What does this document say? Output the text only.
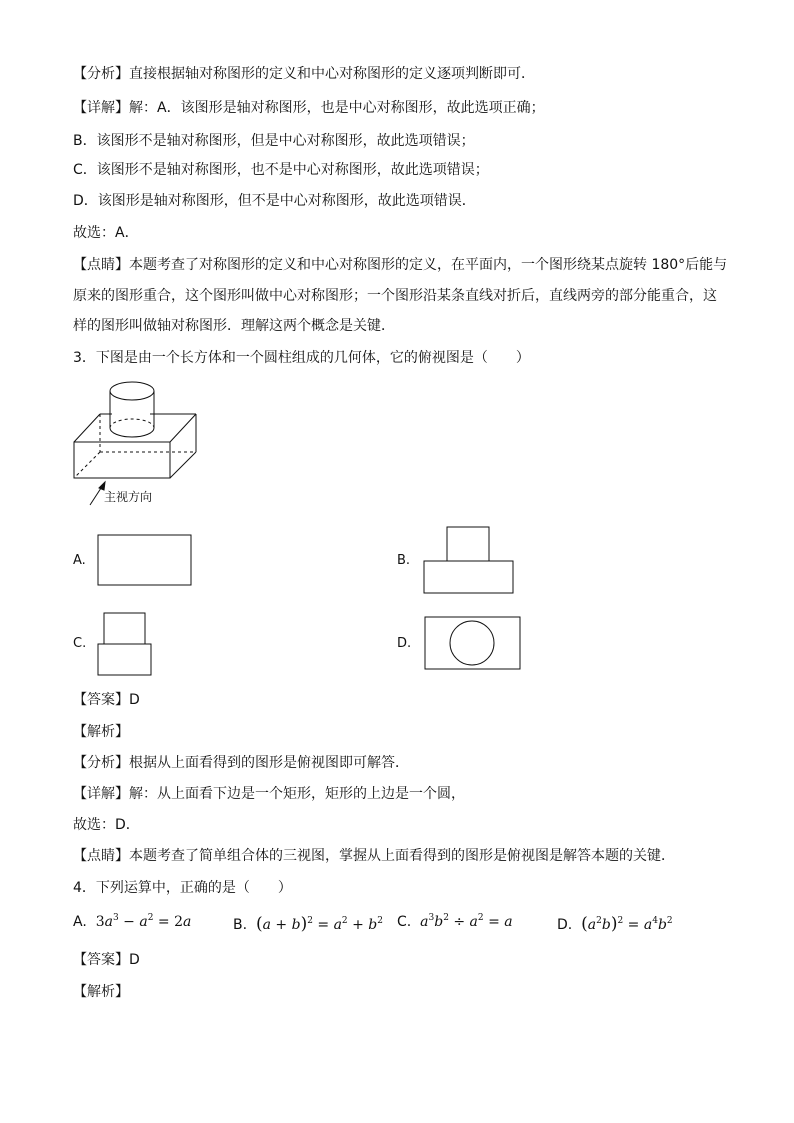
【分析】直接根据轴对称图形的定义和中心对称图形的定义逐项判断即可．
【详解】解：A．该图形是轴对称图形，也是中心对称图形，故此选项正确；
B．该图形不是轴对称图形，但是中心对称图形，故此选项错误；
C．该图形不是轴对称图形，也不是中心对称图形，故此选项错误；
D．该图形是轴对称图形，但不是中心对称图形，故此选项错误．
故选：A．
【点睛】本题考查了对称图形的定义和中心对称图形的定义，在平面内，一个图形绕某点旋转 180°后能与
原来的图形重合，这个图形叫做中心对称图形；一个图形沿某条直线对折后，直线两旁的部分能重合，这
样的图形叫做轴对称图形．理解这两个概念是关键．
3．下图是由一个长方体和一个圆柱组成的几何体，它的俯视图是（　　）
主视方向
A.	B.
C.	D.
【答案】D
【解析】
【分析】根据从上面看得到的图形是俯视图即可解答．
【详解】解：从上面看下边是一个矩形，矩形的上边是一个圆，
故选：D．
【点睛】本题考查了简单组合体的三视图，掌握从上面看得到的图形是俯视图是解答本题的关键．
4．下列运算中，正确的是（　　）
A. $3a^3 - a^2 = 2a$	B. $(a + b)^2 = a^2 + b^2$ C.  $a^3b^2 \div a^2 = a$	D. $(a^2b)^2 = a^4b^2$
【答案】D
【解析】
